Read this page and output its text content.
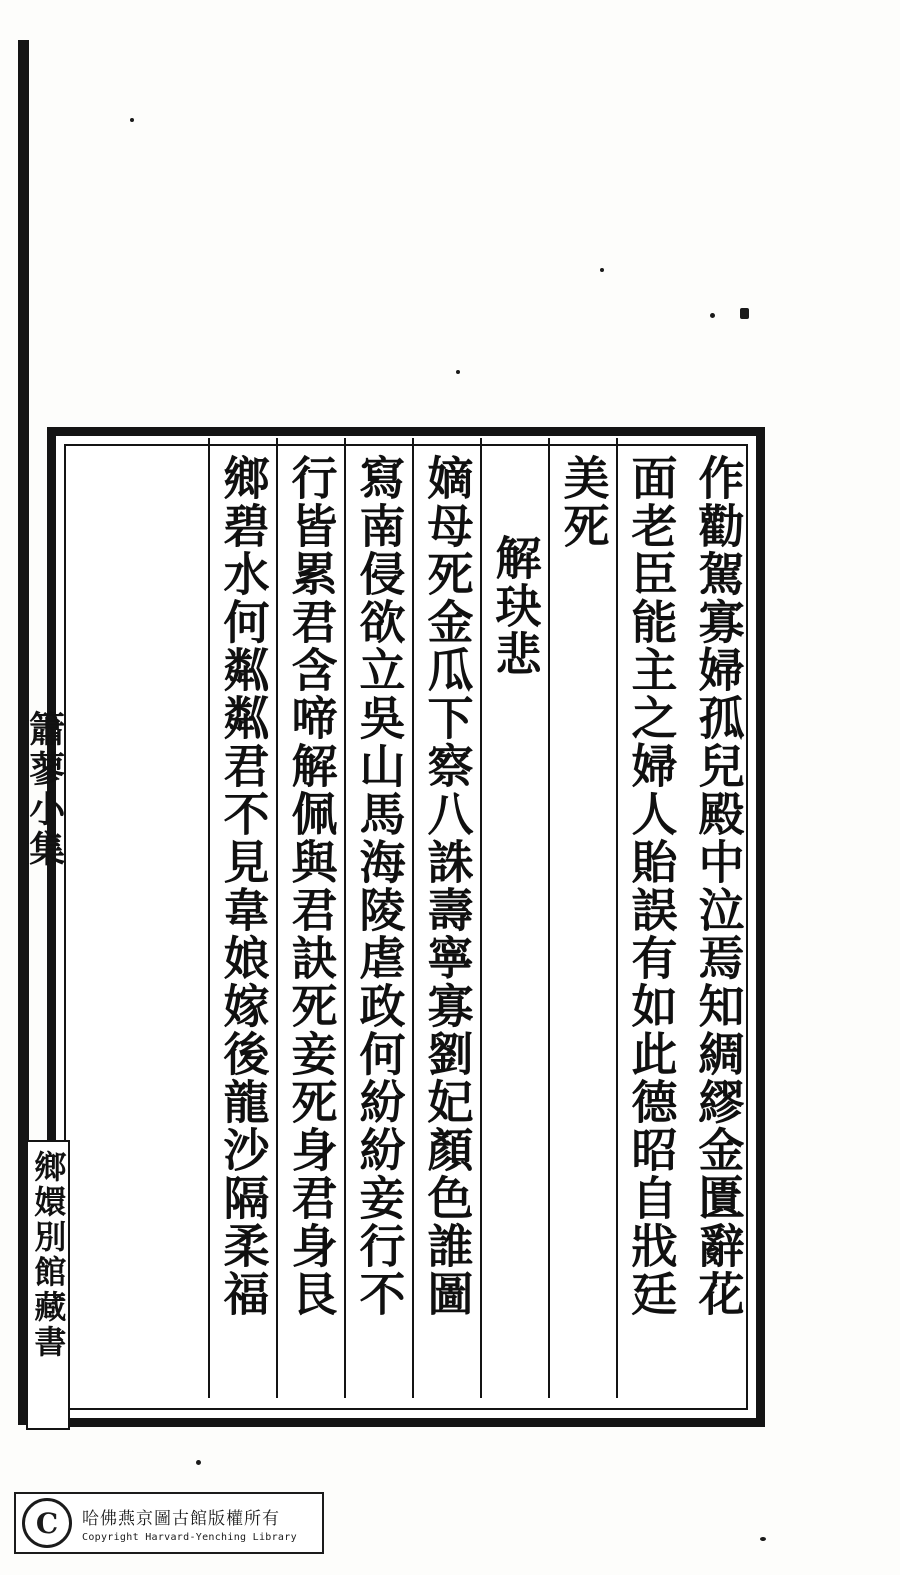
作勸駕寡婦孤兒殿中泣焉知綢繆金匱辭花
面老臣能主之婦人貽誤有如此德昭自戕廷
美死
解玦悲
嫡母死金瓜下察八誅壽寧寡劉妃顏色誰圖
寫南侵欲立吳山馬海陵虐政何紛紛妾行不
行皆累君含啼解佩與君訣死妾死身君身艮
鄉碧水何粼粼君不見韋娘嫁後龍沙隔柔福
簫蓼小集
鄉嬛別館藏書
C	哈佛燕京圖古館版權所有
Copyright Harvard-Yenching Library
